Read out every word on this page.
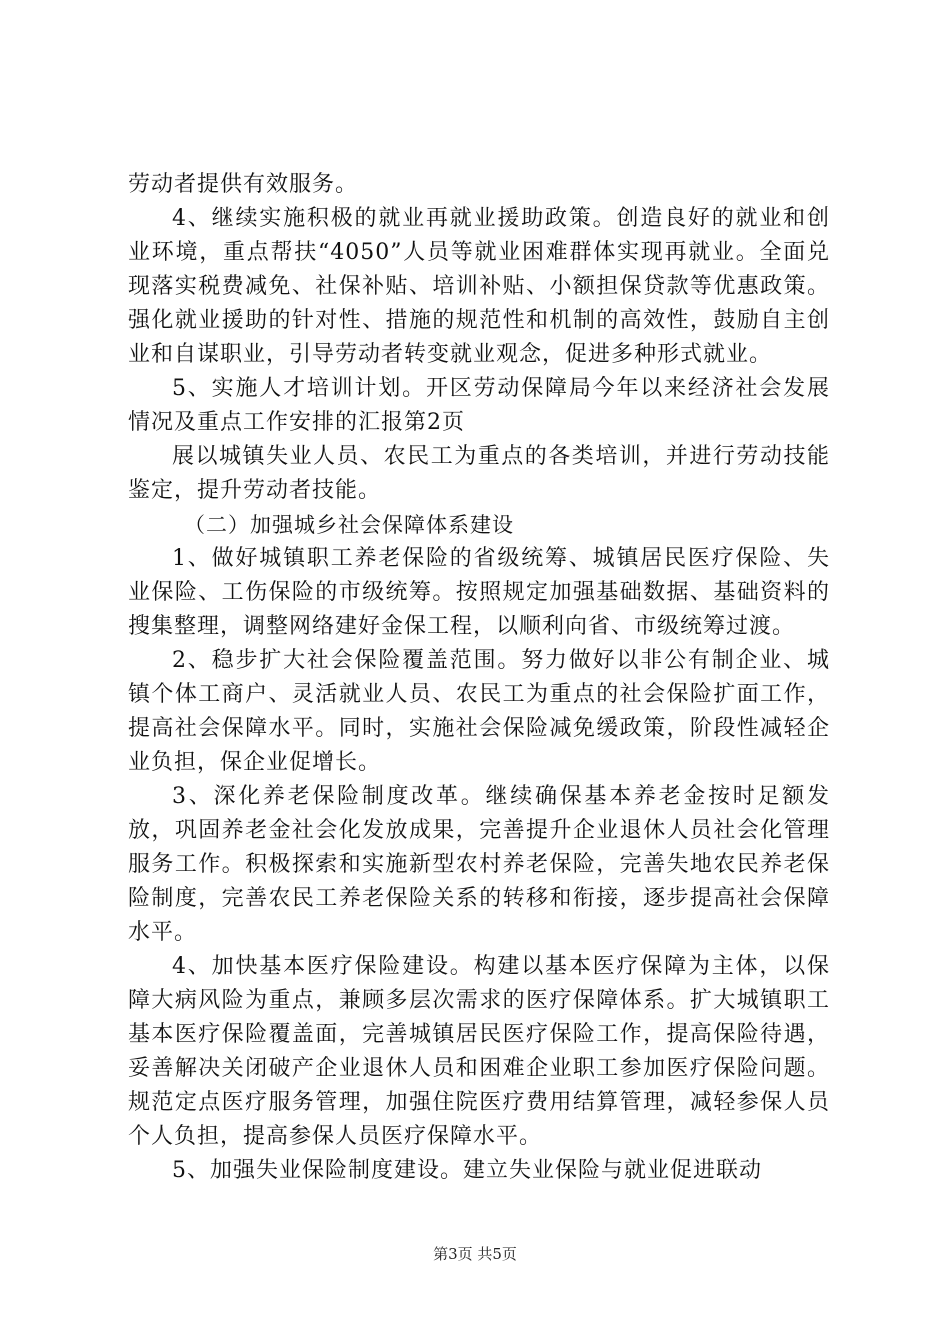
劳动者提供有效服务。

4、继续实施积极的就业再就业援助政策。创造良好的就业和创业环境，重点帮扶“4050”人员等就业困难群体实现再就业。全面兑现落实税费减免、社保补贴、培训补贴、小额担保贷款等优惠政策。强化就业援助的针对性、措施的规范性和机制的高效性，鼓励自主创业和自谋职业，引导劳动者转变就业观念，促进多种形式就业。

5、实施人才培训计划。开区劳动保障局今年以来经济社会发展情况及重点工作安排的汇报第2页

展以城镇失业人员、农民工为重点的各类培训，并进行劳动技能鉴定，提升劳动者技能。

（二）加强城乡社会保障体系建设

1、做好城镇职工养老保险的省级统筹、城镇居民医疗保险、失业保险、工伤保险的市级统筹。按照规定加强基础数据、基础资料的搜集整理，调整网络建好金保工程，以顺利向省、市级统筹过渡。

2、稳步扩大社会保险覆盖范围。努力做好以非公有制企业、城镇个体工商户、灵活就业人员、农民工为重点的社会保险扩面工作，提高社会保障水平。同时，实施社会保险减免缓政策，阶段性减轻企业负担，保企业促增长。

3、深化养老保险制度改革。继续确保基本养老金按时足额发放，巩固养老金社会化发放成果，完善提升企业退休人员社会化管理服务工作。积极探索和实施新型农村养老保险，完善失地农民养老保险制度，完善农民工养老保险关系的转移和衔接，逐步提高社会保障水平。

4、加快基本医疗保险建设。构建以基本医疗保障为主体，以保障大病风险为重点，兼顾多层次需求的医疗保障体系。扩大城镇职工基本医疗保险覆盖面，完善城镇居民医疗保险工作，提高保险待遇，妥善解决关闭破产企业退休人员和困难企业职工参加医疗保险问题。规范定点医疗服务管理，加强住院医疗费用结算管理，减轻参保人员个人负担，提高参保人员医疗保障水平。

5、加强失业保险制度建设。建立失业保险与就业促进联动

第3页 共5页
